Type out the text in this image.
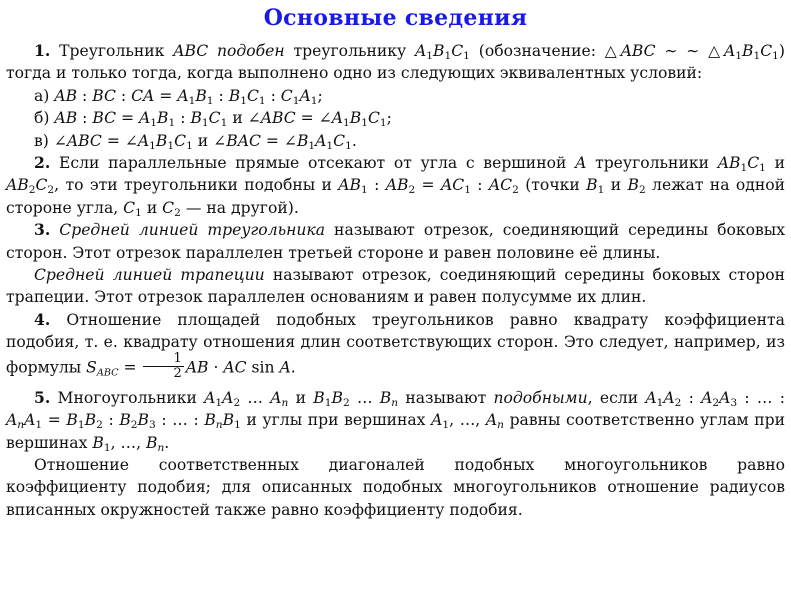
Основные сведения

1. Треугольник ABC подобен треугольнику $A_1B_1C_1$ (обозначение: △ABC ∼ ∼ $\triangle A_1B_1C_1$) тогда и только тогда, когда выполнено одно из следующих эквивалентных условий:

а) AB : BC : CA = $A_1B_1$ : $B_1C_1$ : $C_1A_1$;

б) AB : BC = $A_1B_1$ : $B_1C_1$ и ∠ABC = $\angle A_1B_1C_1$;

в) ∠ABC = $\angle A_1B_1C_1$ и ∠BAC = $\angle B_1A_1C_1$.

2. Если параллельные прямые отсекают от угла с вершиной A треугольники $AB_1C_1$ и $AB_2C_2$, то эти треугольники подобны и $AB_1$ : $AB_2 = AC_1$ : $AC_2$ (точки $B_1$ и $B_2$ лежат на одной стороне угла, $C_1$ и $C_2$ — на другой).

3. Средней линией треугольника называют отрезок, соединяющий середины боковых сторон. Этот отрезок параллелен третьей стороне и равен половине её длины.

Средней линией трапеции называют отрезок, соединяющий середины боковых сторон трапеции. Этот отрезок параллелен основаниям и равен полусумме их длин.

4. Отношение площадей подобных треугольников равно квадрату коэффициента подобия, т. е. квадрату отношения длин соответствующих сторон. Это следует, например, из формулы $S_{ABC} = \frac{1}{2}$ AB · AC sin A.

5. Многоугольники $A_1A_2$ … $A_n$ и $B_1B_2$ … $B_n$ называют подобными, если $A_1A_2$ : $A_2A_3$ : … : $A_nA_1 = B_1B_2$ : $B_2B_3$ : … : $B_nB_1$ и углы при вершинах $A_1$, …, $A_n$ равны соответственно углам при вершинах $B_1$, …, $B_n$.

Отношение соответственных диагоналей подобных многоугольников равно коэффициенту подобия; для описанных подобных многоугольников отношение радиусов вписанных окружностей также равно коэффициенту подобия.
